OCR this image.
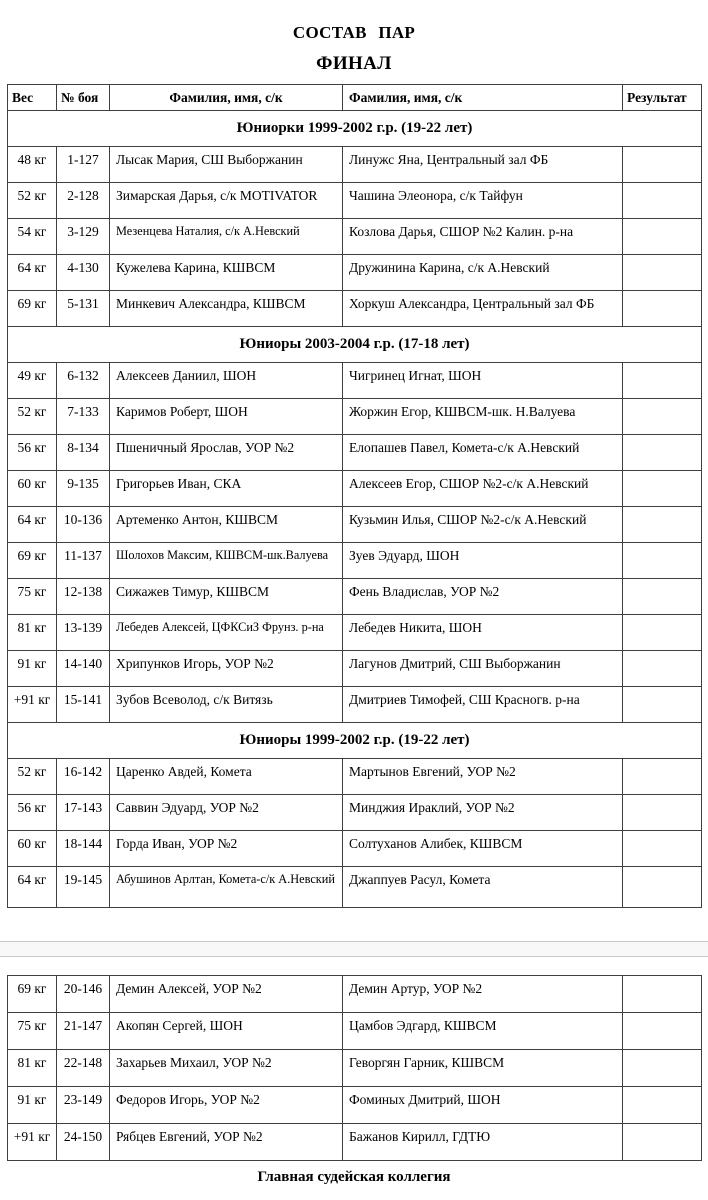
СОСТАВ ПАР
ФИНАЛ
Вес	№ боя	Фамилия, имя, с/к	Фамилия, имя, с/к	Результат
Юниорки 1999-2002 г.р. (19-22 лет)				
48 кг	1-127	Лысак Мария, СШ Выборжанин	Линужс Яна, Центральный зал ФБ	
52 кг	2-128	Зимарская Дарья, с/к MOTIVATOR	Чашина Элеонора, с/к Тайфун	
54 кг	3-129	Мезенцева Наталия, с/к А.Невский	Козлова Дарья, СШОР №2 Калин. р-на	
64 кг	4-130	Кужелева Карина, КШВСМ	Дружинина Карина, с/к А.Невский	
69 кг	5-131	Минкевич Александра, КШВСМ	Хоркуш Александра, Центральный зал ФБ	
Юниоры 2003-2004 г.р. (17-18 лет)				
49 кг	6-132	Алексеев Даниил, ШОН	Чигринец Игнат, ШОН	
52 кг	7-133	Каримов Роберт, ШОН	Жоржин Егор, КШВСМ-шк. Н.Валуева	
56 кг	8-134	Пшеничный Ярослав, УОР №2	Елопашев Павел, Комета-с/к А.Невский	
60 кг	9-135	Григорьев Иван, СКА	Алексеев Егор, СШОР №2-с/к А.Невский	
64 кг	10-136	Артеменко Антон, КШВСМ	Кузьмин Илья, СШОР №2-с/к А.Невский	
69 кг	11-137	Шолохов Максим, КШВСМ-шк.Валуева	Зуев Эдуард, ШОН	
75 кг	12-138	Сижажев Тимур, КШВСМ	Фень Владислав, УОР №2	
81 кг	13-139	Лебедев Алексей, ЦФКСиЗ Фрунз. р-на	Лебедев Никита, ШОН	
91 кг	14-140	Хрипунков Игорь, УОР №2	Лагунов Дмитрий, СШ Выборжанин	
+91 кг	15-141	Зубов Всеволод, с/к Витязь	Дмитриев Тимофей, СШ Красногв. р-на	
Юниоры 1999-2002 г.р. (19-22 лет)				
52 кг	16-142	Царенко Авдей, Комета	Мартынов Евгений, УОР №2	
56 кг	17-143	Саввин Эдуард, УОР №2	Минджия Ираклий, УОР №2	
60 кг	18-144	Горда Иван, УОР №2	Солтуханов Алибек, КШВСМ	
64 кг	19-145	Абушинов Арлтан, Комета-с/к А.Невский	Джаппуев Расул, Комета	
69 кг	20-146	Демин Алексей, УОР №2	Демин Артур, УОР №2	
75 кг	21-147	Акопян Сергей, ШОН	Цамбов Эдгард, КШВСМ	
81 кг	22-148	Захарьев Михаил, УОР №2	Геворгян Гарник, КШВСМ	
91 кг	23-149	Федоров Игорь, УОР №2	Фоминых Дмитрий, ШОН	
+91 кг	24-150	Рябцев Евгений, УОР №2	Бажанов Кирилл, ГДТЮ	
Главная судейская коллегия
